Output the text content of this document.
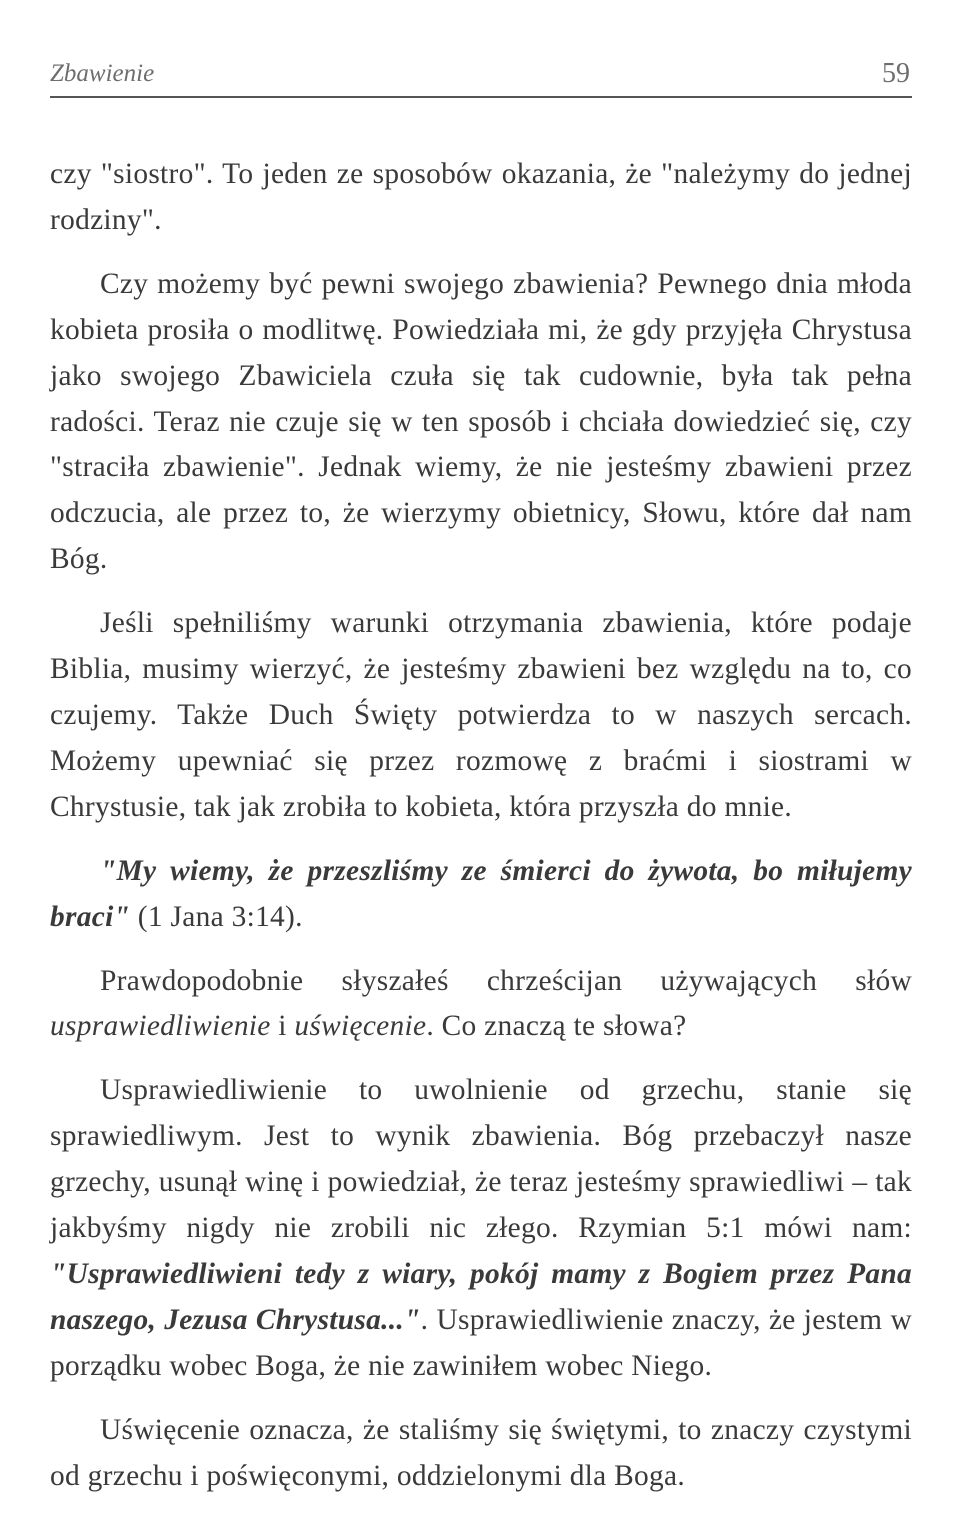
Zbawienie	59

czy "siostro". To jeden ze sposobów okazania, że "należymy do jednej rodziny".

Czy możemy być pewni swojego zbawienia? Pewnego dnia młoda kobieta prosiła o modlitwę. Powiedziała mi, że gdy przyjęła Chrystusa jako swojego Zbawiciela czuła się tak cudownie, była tak pełna radości. Teraz nie czuje się w ten sposób i chciała dowiedzieć się, czy "straciła zbawienie". Jednak wiemy, że nie jesteśmy zbawieni przez odczucia, ale przez to, że wierzymy obietnicy, Słowu, które dał nam Bóg.

Jeśli spełniliśmy warunki otrzymania zbawienia, które podaje Biblia, musimy wierzyć, że jesteśmy zbawieni bez względu na to, co czujemy. Także Duch Święty potwierdza to w naszych sercach. Możemy upewniać się przez rozmowę z braćmi i siostrami w Chrystusie, tak jak zrobiła to kobieta, która przyszła do mnie.

"My wiemy, że przeszliśmy ze śmierci do żywota, bo miłujemy braci" (1 Jana 3:14).

Prawdopodobnie słyszałeś chrześcijan używających słów usprawiedliwienie i uświęcenie. Co znaczą te słowa?

Usprawiedliwienie to uwolnienie od grzechu, stanie się sprawiedliwym. Jest to wynik zbawienia. Bóg przebaczył nasze grzechy, usunął winę i powiedział, że teraz jesteśmy sprawiedliwi – tak jakbyśmy nigdy nie zrobili nic złego. Rzymian 5:1 mówi nam: "Usprawiedliwieni tedy z wiary, pokój mamy z Bogiem przez Pana naszego, Jezusa Chrystusa...". Usprawiedliwienie znaczy, że jestem w porządku wobec Boga, że nie zawiniłem wobec Niego.

Uświęcenie oznacza, że staliśmy się świętymi, to znaczy czystymi od grzechu i poświęconymi, oddzielonymi dla Boga.
